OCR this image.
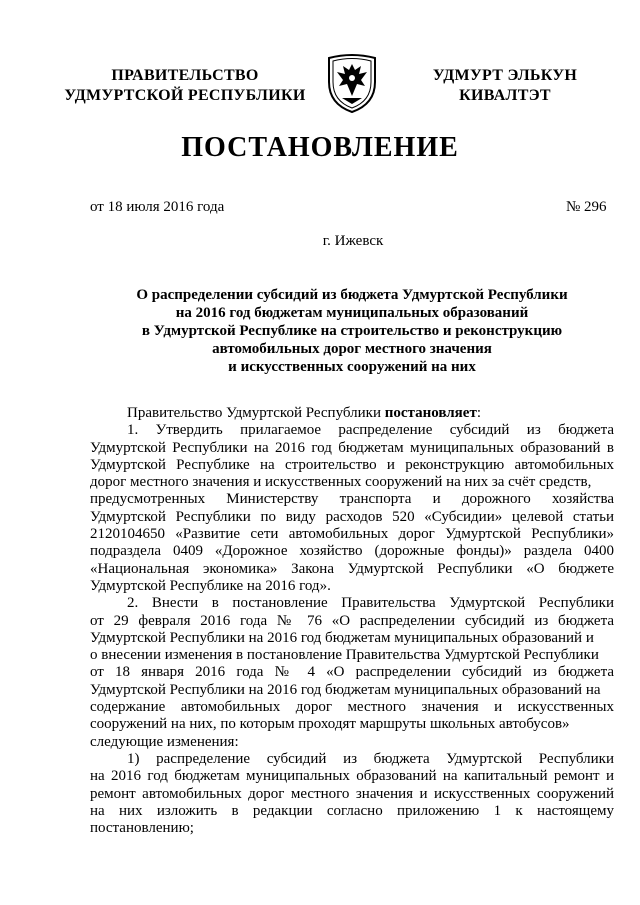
ПРАВИТЕЛЬСТВО
УДМУРТСКОЙ РЕСПУБЛИКИ
УДМУРТ ЭЛЬКУН
КИВАЛТЭТ
ПОСТАНОВЛЕНИЕ
от 18 июля 2016 года	№ 296
г. Ижевск
О распределении субсидий из бюджета Удмуртской Республики
на 2016 год бюджетам муниципальных образований
в Удмуртской Республике на строительство и реконструкцию
автомобильных дорог местного значения
и искусственных сооружений на них
Правительство Удмуртской Республики постановляет:
1. Утвердить прилагаемое распределение субсидий из бюджета
Удмуртской Республики на 2016 год бюджетам муниципальных образований в
Удмуртской Республике на строительство и реконструкцию автомобильных
дорог местного значения и искусственных сооружений на них за счёт средств,
предусмотренных Министерству транспорта и дорожного хозяйства
Удмуртской Республики по виду расходов 520 «Субсидии» целевой статьи
2120104650 «Развитие сети автомобильных дорог Удмуртской Республики»
подраздела 0409 «Дорожное хозяйство (дорожные фонды)» раздела 0400
«Национальная экономика» Закона Удмуртской Республики «О бюджете
Удмуртской Республике на 2016 год».
2. Внести в постановление Правительства Удмуртской Республики
от 29 февраля 2016 года № 76 «О распределении субсидий из бюджета
Удмуртской Республики на 2016 год бюджетам муниципальных образований и
о внесении изменения в постановление Правительства Удмуртской Республики
от 18 января 2016 года № 4 «О распределении субсидий из бюджета
Удмуртской Республики на 2016 год бюджетам муниципальных образований на
содержание автомобильных дорог местного значения и искусственных
сооружений на них, по которым проходят маршруты школьных автобусов»
следующие изменения:
1) распределение субсидий из бюджета Удмуртской Республики
на 2016 год бюджетам муниципальных образований на капитальный ремонт и
ремонт автомобильных дорог местного значения и искусственных сооружений
на них изложить в редакции согласно приложению 1 к настоящему
постановлению;
